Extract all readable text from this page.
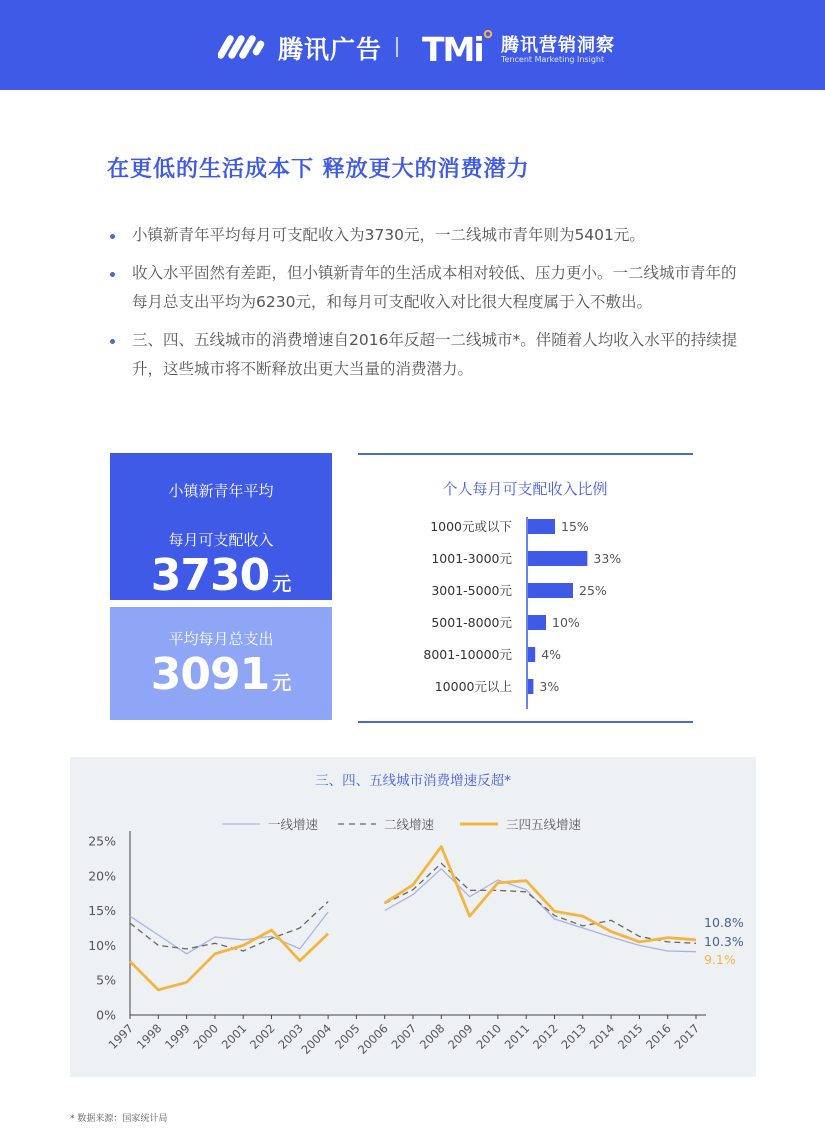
腾讯广告 TMi 腾讯营销洞察
Tencent Marketing Insight
在更低的生活成本下 释放更大的消费潜力
小镇新青年平均每月可支配收入为3730元，一二线城市青年则为5401元。
收入水平固然有差距，但小镇新青年的生活成本相对较低、压力更小。一二线城市青年的每月总支出平均为6230元，和每月可支配收入对比很大程度属于入不敷出。
三、四、五线城市的消费增速自2016年反超一二线城市*。伴随着人均收入水平的持续提升，这些城市将不断释放出更大当量的消费潜力。
小镇新青年平均
每月可支配收入
3730 元
平均每月总支出
3091 元
个人每月可支配收入比例
1000元或以下	15%
1001-3000元	33%
3001-5000元	25%
5001-8000元	10%
8001-10000元 4%
10000元以上 3%
三、四、五线城市消费增速反超*
一线增速	二线增速	三四五线增速
0%
5%
10%
15%
20%
25%
1997
1998
1999
2000
2001
2002
2003
20004
2005
20006
2007
2008
2009
2010
2011
2012
2013
2014
2015
2016
2017
10.8%
10.3%
9.1%
* 数据来源：国家统计局
